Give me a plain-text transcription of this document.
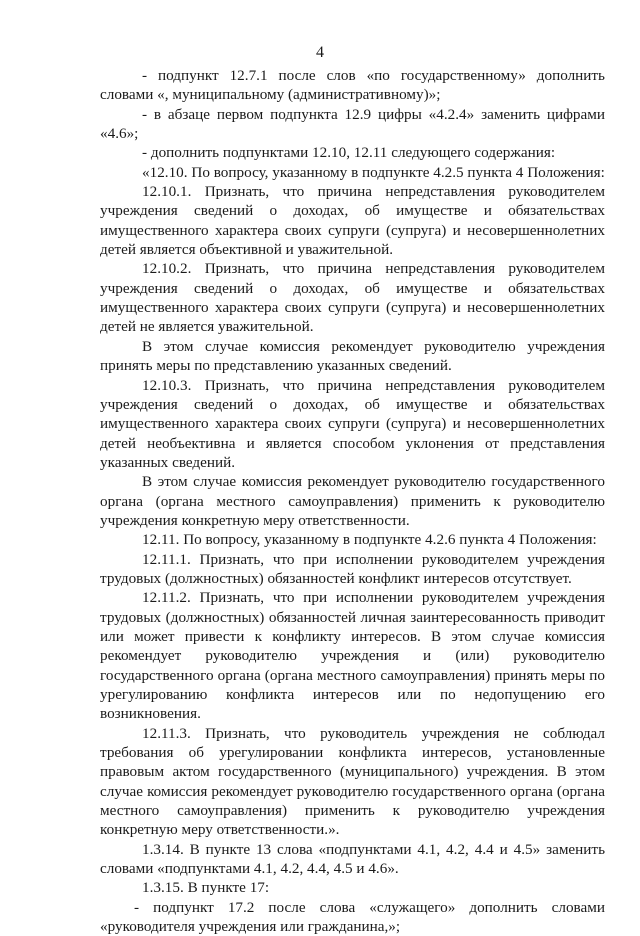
4

- подпункт 12.7.1 после слов «по государственному» дополнить словами «, муниципальному (административному)»;

- в абзаце первом подпункта 12.9 цифры «4.2.4» заменить цифрами «4.6»;

- дополнить подпунктами 12.10, 12.11 следующего содержания:

«12.10. По вопросу, указанному в подпункте 4.2.5 пункта 4 Положения:

12.10.1. Признать, что причина непредставления руководителем учреждения сведений о доходах, об имуществе и обязательствах имущественного характера своих супруги (супруга) и несовершеннолетних детей является объективной и уважительной.

12.10.2. Признать, что причина непредставления руководителем учреждения сведений о доходах, об имуществе и обязательствах имущественного характера своих супруги (супруга) и несовершеннолетних детей не является уважительной.

В этом случае комиссия рекомендует руководителю учреждения принять меры по представлению указанных сведений.

12.10.3. Признать, что причина непредставления руководителем учреждения сведений о доходах, об имуществе и обязательствах имущественного характера своих супруги (супруга) и несовершеннолетних детей необъективна и является способом уклонения от представления указанных сведений.

В этом случае комиссия рекомендует руководителю государственного органа (органа местного самоуправления) применить к руководителю учреждения конкретную меру ответственности.

12.11. По вопросу, указанному в подпункте 4.2.6 пункта 4 Положения:

12.11.1. Признать, что при исполнении руководителем учреждения трудовых (должностных) обязанностей конфликт интересов отсутствует.

12.11.2. Признать, что при исполнении руководителем учреждения трудовых (должностных) обязанностей личная заинтересованность приводит или может привести к конфликту интересов. В этом случае комиссия рекомендует руководителю учреждения и (или) руководителю государственного органа (органа местного самоуправления) принять меры по урегулированию конфликта интересов или по недопущению его возникновения.

12.11.3. Признать, что руководитель учреждения не соблюдал требования об урегулировании конфликта интересов, установленные правовым актом государственного (муниципального) учреждения. В этом случае комиссия рекомендует руководителю государственного органа (органа местного самоуправления) применить к руководителю учреждения конкретную меру ответственности.».

1.3.14. В пункте 13 слова «подпунктами 4.1, 4.2, 4.4 и 4.5» заменить словами «подпунктами 4.1, 4.2, 4.4, 4.5 и 4.6».

1.3.15. В пункте 17:

- подпункт 17.2 после слова «служащего» дополнить словами «руководителя учреждения или гражданина,»;
